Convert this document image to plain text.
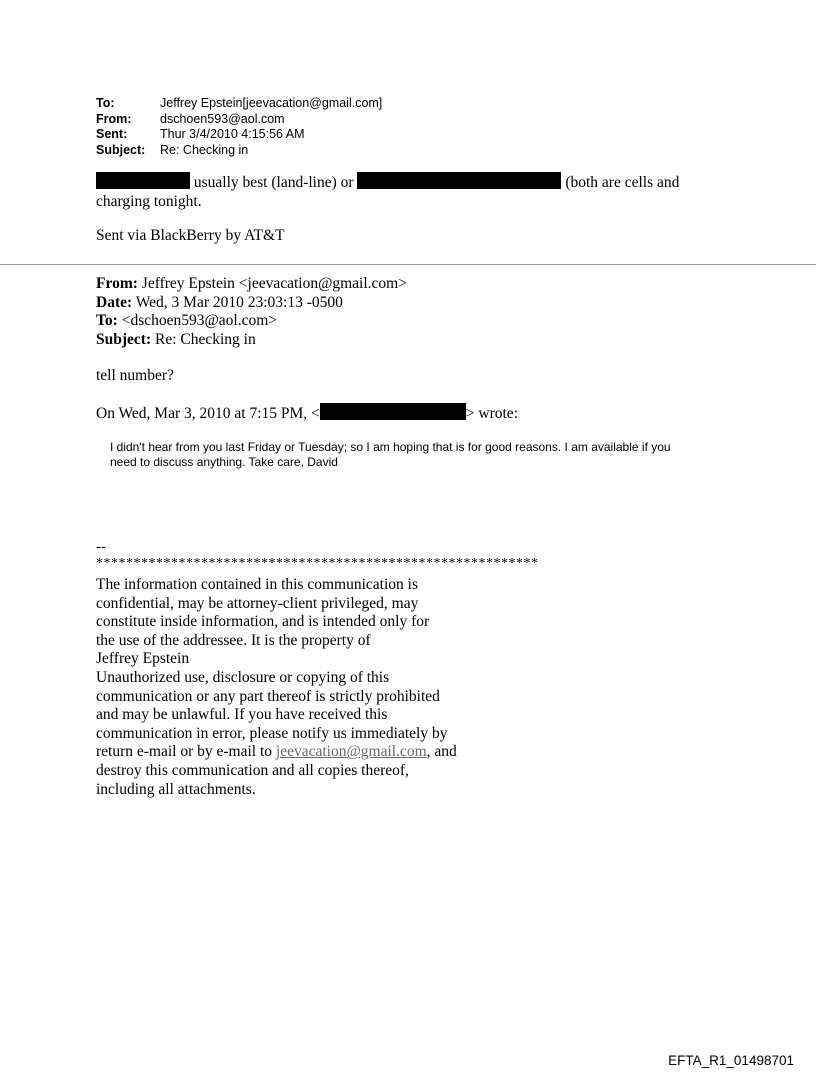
To:	Jeffrey Epstein[jeevacation@gmail.com]
From:	dschoen593@aol.com
Sent:	Thur 3/4/2010 4:15:56 AM
Subject:	Re: Checking in
usually best (land-line) or	(both are cells and
charging tonight.
Sent via BlackBerry by AT&T
From: Jeffrey Epstein <jeevacation@gmail.com>
Date: Wed, 3 Mar 2010 23:03:13 -0500
To: <dschoen593@aol.com>
Subject: Re: Checking in
tell number?
On Wed, Mar 3, 2010 at 7:15 PM, <	> wrote:
I didn't hear from you last Friday or Tuesday; so I am hoping that is for good reasons. I am available if you
need to discuss anything. Take care, David
--
***********************************************************
The information contained in this communication is
confidential, may be attorney-client privileged, may
constitute inside information, and is intended only for
the use of the addressee. It is the property of
Jeffrey Epstein
Unauthorized use, disclosure or copying of this
communication or any part thereof is strictly prohibited
and may be unlawful. If you have received this
communication in error, please notify us immediately by
return e-mail or by e-mail to jeevacation@gmail.com, and
destroy this communication and all copies thereof,
including all attachments.
EFTA_R1_01498701
